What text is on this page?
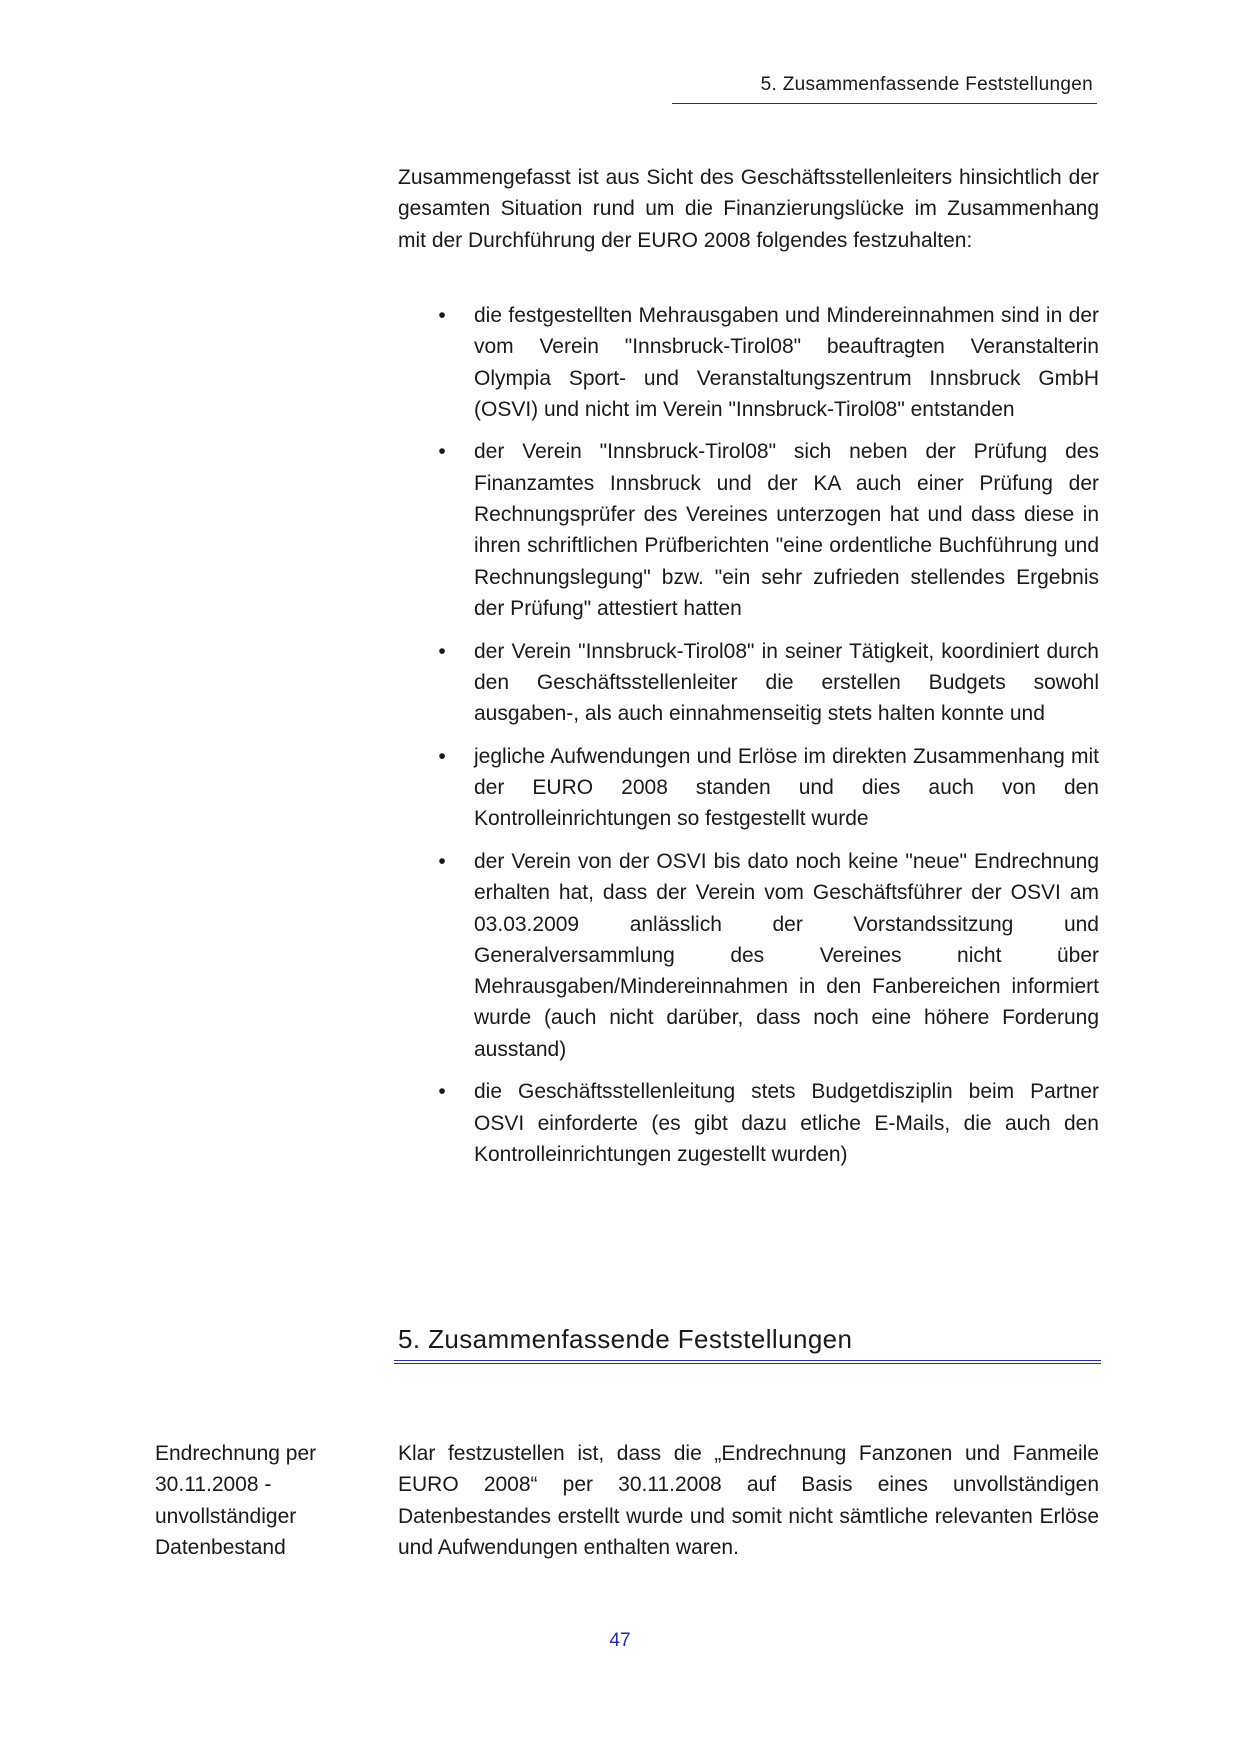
5. Zusammenfassende Feststellungen

Zusammengefasst ist aus Sicht des Geschäftsstellenleiters hinsichtlich der gesamten Situation rund um die Finanzierungslücke im Zusammenhang mit der Durchführung der EURO 2008 folgendes festzuhalten:

• die festgestellten Mehrausgaben und Mindereinnahmen sind in der vom Verein "Innsbruck-Tirol08" beauftragten Veranstalterin Olympia Sport- und Veranstaltungszentrum Innsbruck GmbH (OSVI) und nicht im Verein "Innsbruck-Tirol08" entstanden
• der Verein "Innsbruck-Tirol08" sich neben der Prüfung des Finanzamtes Innsbruck und der KA auch einer Prüfung der Rechnungsprüfer des Vereines unterzogen hat und dass diese in ihren schriftlichen Prüfberichten "eine ordentliche Buchführung und Rechnungslegung" bzw. "ein sehr zufrieden stellendes Ergebnis der Prüfung" attestiert hatten
• der Verein "Innsbruck-Tirol08" in seiner Tätigkeit, koordiniert durch den Geschäftsstellenleiter die erstellen Budgets sowohl ausgaben-, als auch einnahmenseitig stets halten konnte und
• jegliche Aufwendungen und Erlöse im direkten Zusammenhang mit der EURO 2008 standen und dies auch von den Kontrolleinrichtungen so festgestellt wurde
• der Verein von der OSVI bis dato noch keine "neue" Endrechnung erhalten hat, dass der Verein vom Geschäftsführer der OSVI am 03.03.2009 anlässlich der Vorstandssitzung und Generalversammlung des Vereines nicht über Mehrausgaben/Mindereinnahmen in den Fanbereichen informiert wurde (auch nicht darüber, dass noch eine höhere Forderung ausstand)
• die Geschäftsstellenleitung stets Budgetdisziplin beim Partner OSVI einforderte (es gibt dazu etliche E-Mails, die auch den Kontrolleinrichtungen zugestellt wurden)
5. Zusammenfassende Feststellungen
Endrechnung per
30.11.2008 -
unvollständiger
Datenbestand

Klar festzustellen ist, dass die „Endrechnung Fanzonen und Fanmeile EURO 2008“ per 30.11.2008 auf Basis eines unvollständigen Datenbestandes erstellt wurde und somit nicht sämtliche relevanten Erlöse und Aufwendungen enthalten waren.

47
